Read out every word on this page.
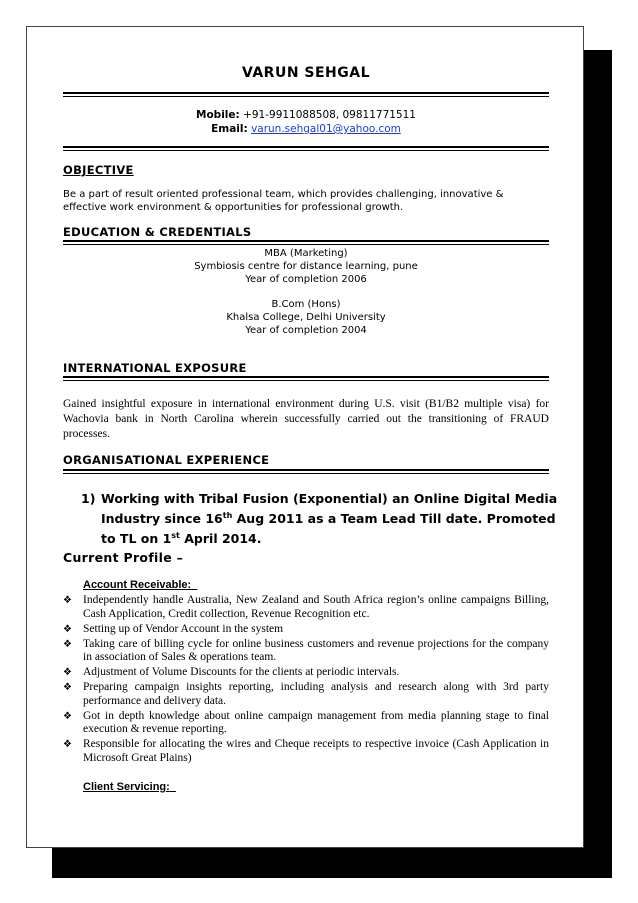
VARUN SEHGAL
Mobile: +91-9911088508, 09811771511
Email: varun.sehgal01@yahoo.com
OBJECTIVE
Be a part of result oriented professional team, which provides challenging, innovative & effective work environment & opportunities for professional growth.
EDUCATION & CREDENTIALS
MBA (Marketing)
Symbiosis centre for distance learning, pune
Year of completion 2006
B.Com (Hons)
Khalsa College, Delhi University
Year of completion 2004
INTERNATIONAL EXPOSURE
Gained insightful exposure in international environment during U.S. visit (B1/B2 multiple visa) for Wachovia bank in North Carolina wherein successfully carried out the transitioning of FRAUD processes.
ORGANISATIONAL EXPERIENCE
1) Working with Tribal Fusion (Exponential) an Online Digital Media Industry since 16th Aug 2011 as a Team Lead Till date. Promoted to TL on 1st April 2014.
Current Profile –
Account Receivable:
❖ Independently handle Australia, New Zealand and South Africa region’s online campaigns Billing, Cash Application, Credit collection, Revenue Recognition etc.
❖ Setting up of Vendor Account in the system
❖ Taking care of billing cycle for online business customers and revenue projections for the company in association of Sales & operations team.
❖ Adjustment of Volume Discounts for the clients at periodic intervals.
❖ Preparing campaign insights reporting, including analysis and research along with 3rd party performance and delivery data.
❖ Got in depth knowledge about online campaign management from media planning stage to final execution & revenue reporting.
❖ Responsible for allocating the wires and Cheque receipts to respective invoice (Cash Application in Microsoft Great Plains)
Client Servicing:
